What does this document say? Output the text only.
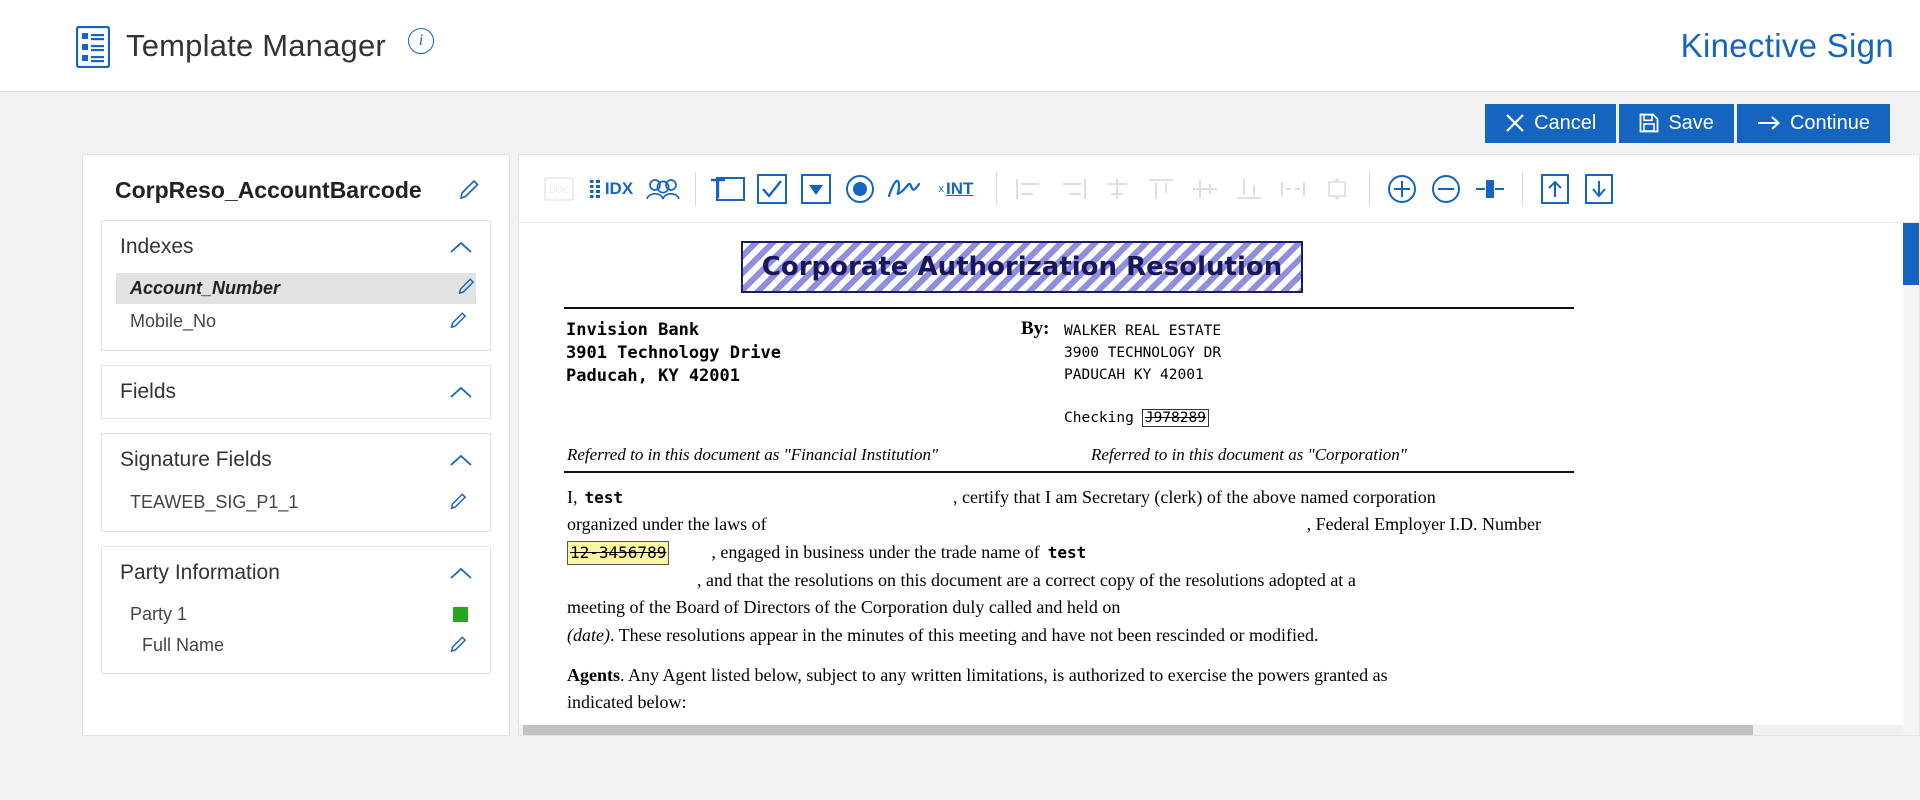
Template Manager	i	Kinective Sign
Cancel	Save	Continue
CorpReso_AccountBarcode
Indexes
Account_Number
Mobile_No
Fields
Signature Fields
TEAWEB_SIG_P1_1
Party Information
Party 1
Full Name
DOC IDX	x INT
Corporate Authorization Resolution
Invision Bank
3901 Technology Drive
Paducah, KY 42001
By: WALKER REAL ESTATE
3900 TECHNOLOGY DR
PADUCAH KY 42001
Checking J978289
Referred to in this document as "Financial Institution"	Referred to in this document as "Corporation"
I, test	, certify that I am Secretary (clerk) of the above named corporation
organized under the laws of	, Federal Employer I.D. Number
12-3456789	, engaged in business under the trade name of test
, and that the resolutions on this document are a correct copy of the resolutions adopted at a
meeting of the Board of Directors of the Corporation duly called and held on
(date) . These resolutions appear in the minutes of this meeting and have not been rescinded or modified.
Agents . Any Agent listed below, subject to any written limitations, is authorized to exercise the powers granted as
indicated below:
